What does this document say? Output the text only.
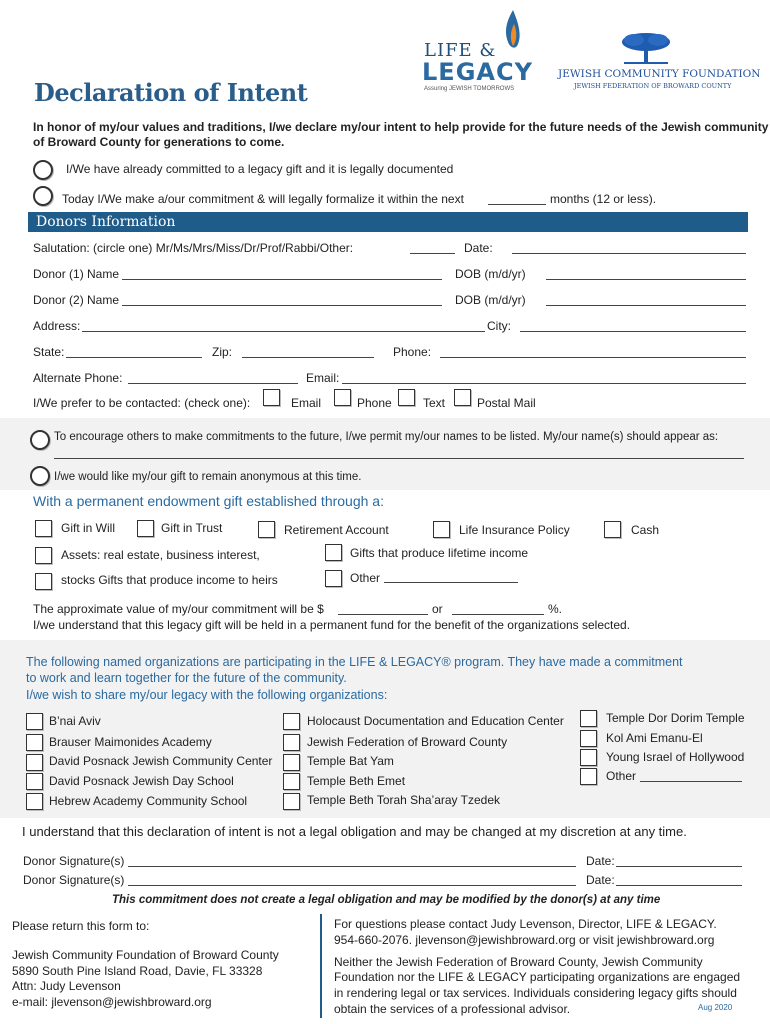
LIFE &
LEGACY
Assuring JEWISH TOMORROWS
JEWISH COMMUNITY FOUNDATION
JEWISH FEDERATION OF BROWARD COUNTY
Declaration of Intent
In honor of my/our values and traditions, I/we declare my/our intent to help provide for the future needs of the Jewish community
of Broward County for generations to come.
I/We have already committed to a legacy gift and it is legally documented
Today I/We make a/our commitment & will legally formalize it within the next	months (12 or less).
Donors Information
Salutation: (circle one) Mr/Ms/Mrs/Miss/Dr/Prof/Rabbi/Other:	Date:
Donor (1) Name	DOB (m/d/yr)
Donor (2) Name	DOB (m/d/yr)
Address:	City:
State:	Zip:	Phone:
Alternate Phone:	Email:
I/We prefer to be contacted: (check one):	Email	Phone	Text	Postal Mail
To encourage others to make commitments to the future, I/we permit my/our names to be listed. My/our name(s) should appear as:
I/we would like my/our gift to remain anonymous at this time.
With a permanent endowment gift established through a:
Gift in Will	Gift in Trust	Retirement Account	Life Insurance Policy	Cash
Assets: real estate, business interest,	Gifts that produce lifetime income
stocks Gifts that produce income to heirs	Other
The approximate value of my/our commitment will be $	or	%.
I/we understand that this legacy gift will be held in a permanent fund for the benefit of the organizations selected.
The following named organizations are participating in the LIFE & LEGACY® program. They have made a commitment
to work and learn together for the future of the community.
I/we wish to share my/our legacy with the following organizations:
B’nai Aviv
Brauser Maimonides Academy
David Posnack Jewish Community Center
David Posnack Jewish Day School
Hebrew Academy Community School
Holocaust Documentation and Education Center
Jewish Federation of Broward County
Temple Bat Yam
Temple Beth Emet
Temple Beth Torah Sha’aray Tzedek
Temple Dor Dorim Temple
Kol Ami Emanu-El
Young Israel of Hollywood
Other
I understand that this declaration of intent is not a legal obligation and may be changed at my discretion at any time.
Donor Signature(s)	Date:
Donor Signature(s)	Date:
This commitment does not create a legal obligation and may be modified by the donor(s) at any time
Please return this form to:
Jewish Community Foundation of Broward County
5890 South Pine Island Road, Davie, FL 33328
Attn: Judy Levenson
e-mail: jlevenson@jewishbroward.org
For questions please contact Judy Levenson, Director, LIFE & LEGACY.
954-660-2076. jlevenson@jewishbroward.org or visit jewishbroward.org
Neither the Jewish Federation of Broward County, Jewish Community
Foundation nor the LIFE & LEGACY participating organizations are engaged
in rendering legal or tax services. Individuals considering legacy gifts should
obtain the services of a professional advisor.	Aug 2020
